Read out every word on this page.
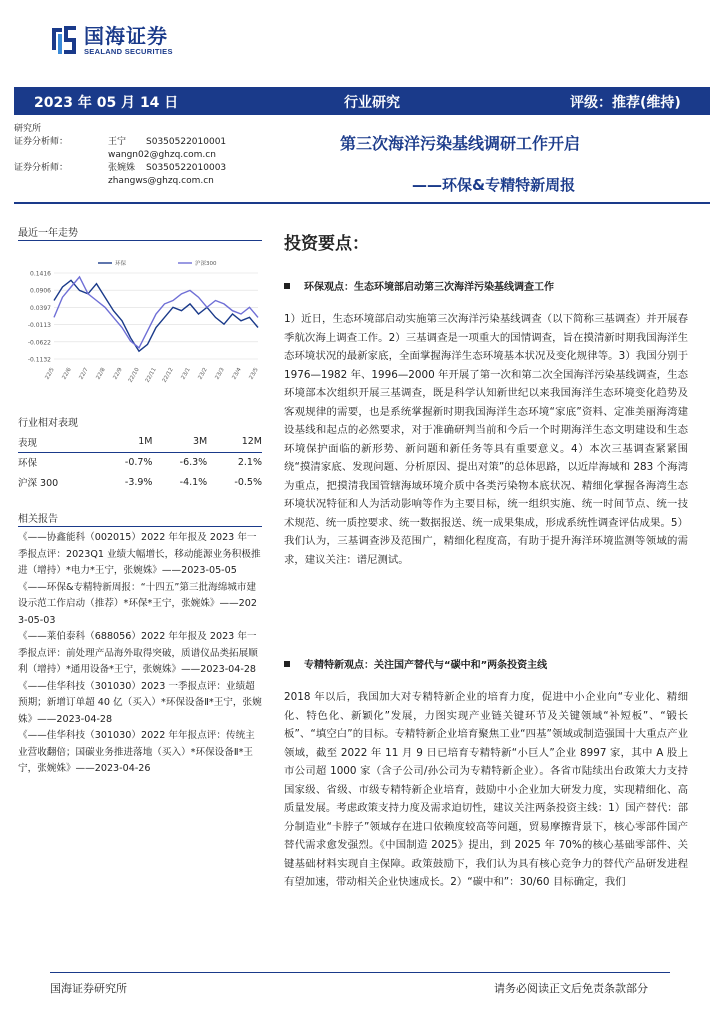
国海证券
SEALAND SECURITIES
2023 年 05 月 14 日	行业研究	评级：推荐(维持)
研究所
证券分析师：	王宁	S0350522010001
wangn02@ghzq.com.cn
证券分析师：	张婉姝	S0350522010003
zhangws@ghzq.com.cn
第三次海洋污染基线调研工作开启
——环保&专精特新周报
最近一年走势
0.1416
0.0906
0.0397
-0.0113
-0.0622
-0.1132
22/5 22/6 22/7 22/8 22/9 22/10 22/11 22/12 23/1 23/2 23/3 23/4 23/5
环保	沪深300
行业相对表现
表现	1M	3M	12M
环保	-0.7%	-6.3%	2.1%
沪深 300	-3.9%	-4.1%	-0.5%
相关报告

《——协鑫能科（002015）2022 年年报及 2023 年一季报点评：2023Q1 业绩大幅增长，移动能源业务积极推进（增持）*电力*王宁，张婉姝》——2023-05-05

《——环保&专精特新周报：“十四五”第三批海绵城市建设示范工作启动（推荐）*环保*王宁，张婉姝》——2023-05-03

《——莱伯泰科（688056）2022 年年报及 2023 年一季报点评：前处理产品海外取得突破，质谱仪品类拓展顺利（增持）*通用设备*王宁，张婉姝》——2023-04-28

《——佳华科技（301030）2023 一季报点评：业绩超预期；新增订单超 40 亿（买入）*环保设备Ⅱ*王宁，张婉姝》——2023-04-28

《——佳华科技（301030）2022 年年报点评：传统主业营收翻倍；国碳业务推进落地（买入）*环保设备Ⅱ*王宁，张婉姝》——2023-04-26

投资要点：
环保观点：生态环境部启动第三次海洋污染基线调查工作
1）近日，生态环境部启动实施第三次海洋污染基线调查（以下简称三基调查）并开展春季航次海上调查工作。2）三基调查是一项重大的国情调查，旨在摸清新时期我国海洋生态环境状况的最新家底，全面掌握海洋生态环境基本状况及变化规律等。3）我国分别于 1976—1982 年、1996—2000 年开展了第一次和第二次全国海洋污染基线调查，生态环境部本次组织开展三基调查，既是科学认知新世纪以来我国海洋生态环境变化趋势及客观规律的需要，也是系统掌握新时期我国海洋生态环境“家底”资料、定准美丽海湾建设基线和起点的必然要求，对于准确研判当前和今后一个时期海洋生态文明建设和生态环境保护面临的新形势、新问题和新任务等具有重要意义。4）本次三基调查紧紧围绕“摸清家底、发现问题、分析原因、提出对策”的总体思路，以近岸海域和 283 个海湾为重点，把摸清我国管辖海域环境介质中各类污染物本底状况、精细化掌握各海湾生态环境状况特征和人为活动影响等作为主要目标，统一组织实施、统一时间节点、统一技术规范、统一质控要求、统一数据报送、统一成果集成，形成系统性调查评估成果。5）我们认为，三基调查涉及范围广，精细化程度高，有助于提升海洋环境监测等领域的需求，建议关注：谱尼测试。
专精特新观点：关注国产替代与“碳中和”两条投资主线
2018 年以后，我国加大对专精特新企业的培育力度，促进中小企业向“专业化、精细化、特色化、新颖化”发展，力图实现产业链关键环节及关键领域“补短板”、“锻长板”、“填空白”的目标。专精特新企业培育聚焦工业“四基”领域或制造强国十大重点产业领域，截至 2022 年 11 月 9 日已培育专精特新“小巨人”企业 8997 家，其中 A 股上市公司超 1000 家（含子公司/孙公司为专精特新企业）。各省市陆续出台政策大力支持国家级、省级、市级专精特新企业培育，鼓励中小企业加大研发力度，实现精细化、高质量发展。考虑政策支持力度及需求迫切性，建议关注两条投资主线：1）国产替代：部分制造业“卡脖子”领域存在进口依赖度较高等问题，贸易摩擦背景下，核心零部件国产替代需求愈发强烈。《中国制造 2025》提出，到 2025 年 70%的核心基础零部件、关键基础材料实现自主保障。政策鼓励下，我们认为具有核心竞争力的替代产品研发进程有望加速，带动相关企业快速成长。2）“碳中和”：30/60 目标确定，我们
国海证券研究所	请务必阅读正文后免责条款部分
